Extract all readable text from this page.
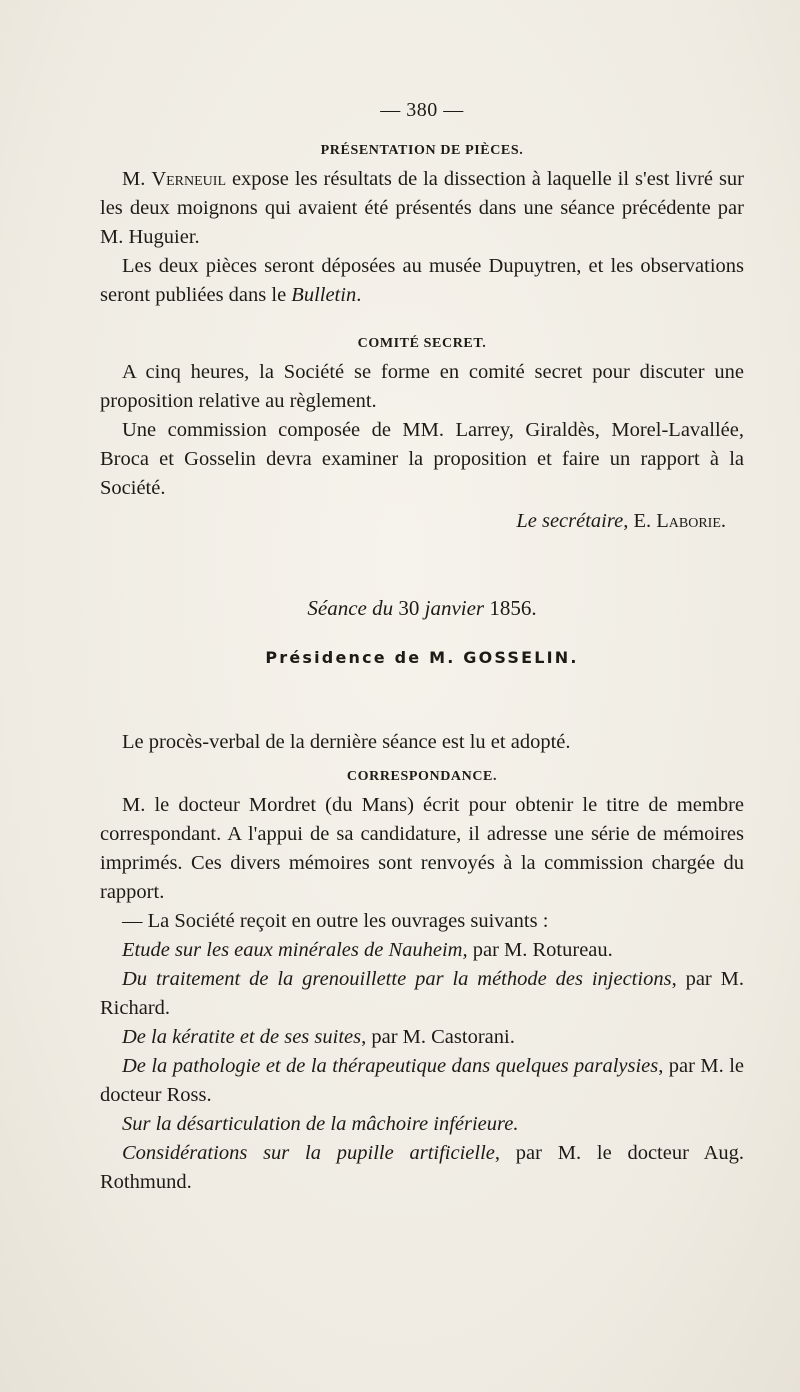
— 380 —
PRÉSENTATION DE PIÈCES.

M. Verneuil expose les résultats de la dissection à laquelle il s'est livré sur les deux moignons qui avaient été présentés dans une séance précédente par M. Huguier.

Les deux pièces seront déposées au musée Dupuytren, et les observations seront publiées dans le Bulletin.

COMITÉ SECRET.

A cinq heures, la Société se forme en comité secret pour discuter une proposition relative au règlement.

Une commission composée de MM. Larrey, Giraldès, Morel-Lavallée, Broca et Gosselin devra examiner la proposition et faire un rapport à la Société.

Le secrétaire, E. Laborie.

Séance du 30 janvier 1856.
Présidence de M. GOSSELIN.

Le procès-verbal de la dernière séance est lu et adopté.

CORRESPONDANCE.

M. le docteur Mordret (du Mans) écrit pour obtenir le titre de membre correspondant. A l'appui de sa candidature, il adresse une série de mémoires imprimés. Ces divers mémoires sont renvoyés à la commission chargée du rapport.

— La Société reçoit en outre les ouvrages suivants :

Etude sur les eaux minérales de Nauheim, par M. Rotureau.

Du traitement de la grenouillette par la méthode des injections, par M. Richard.

De la kératite et de ses suites, par M. Castorani.

De la pathologie et de la thérapeutique dans quelques paralysies, par M. le docteur Ross.

Sur la désarticulation de la mâchoire inférieure.

Considérations sur la pupille artificielle, par M. le docteur Aug. Rothmund.
